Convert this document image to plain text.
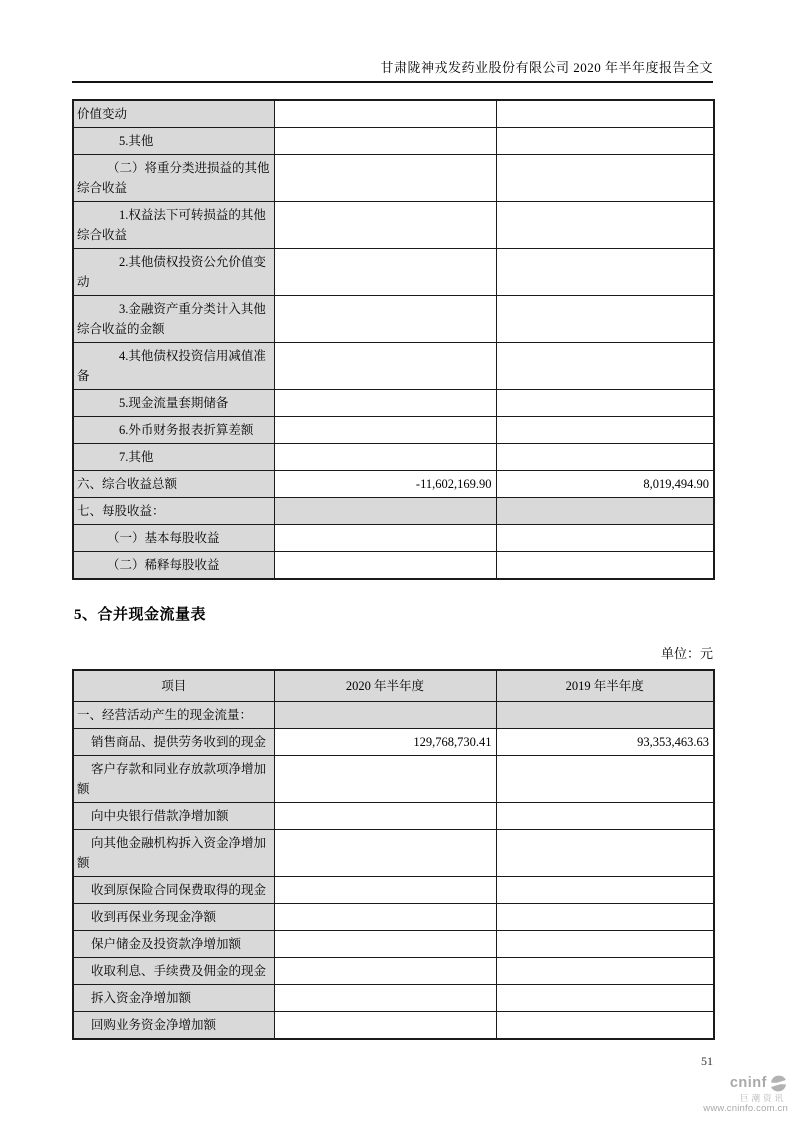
甘肃陇神戎发药业股份有限公司 2020 年半年度报告全文
价值变动		
5.其他		
（二）将重分类进损益的其他综合收益		
1.权益法下可转损益的其他综合收益		
2.其他债权投资公允价值变动		
3.金融资产重分类计入其他综合收益的金额		
4.其他债权投资信用减值准备		
5.现金流量套期储备		
6.外币财务报表折算差额		
7.其他		
六、综合收益总额	-11,602,169.90	8,019,494.90
七、每股收益：		
（一）基本每股收益		
（二）稀释每股收益		
5、合并现金流量表
单位：元
项目	2020 年半年度	2019 年半年度
一、经营活动产生的现金流量：		
销售商品、提供劳务收到的现金	129,768,730.41	93,353,463.63
客户存款和同业存放款项净增加额		
向中央银行借款净增加额		
向其他金融机构拆入资金净增加额		
收到原保险合同保费取得的现金		
收到再保业务现金净额		
保户储金及投资款净增加额		
收取利息、手续费及佣金的现金		
拆入资金净增加额		
回购业务资金净增加额		
51
cninf
巨潮资讯
www.cninfo.com.cn
